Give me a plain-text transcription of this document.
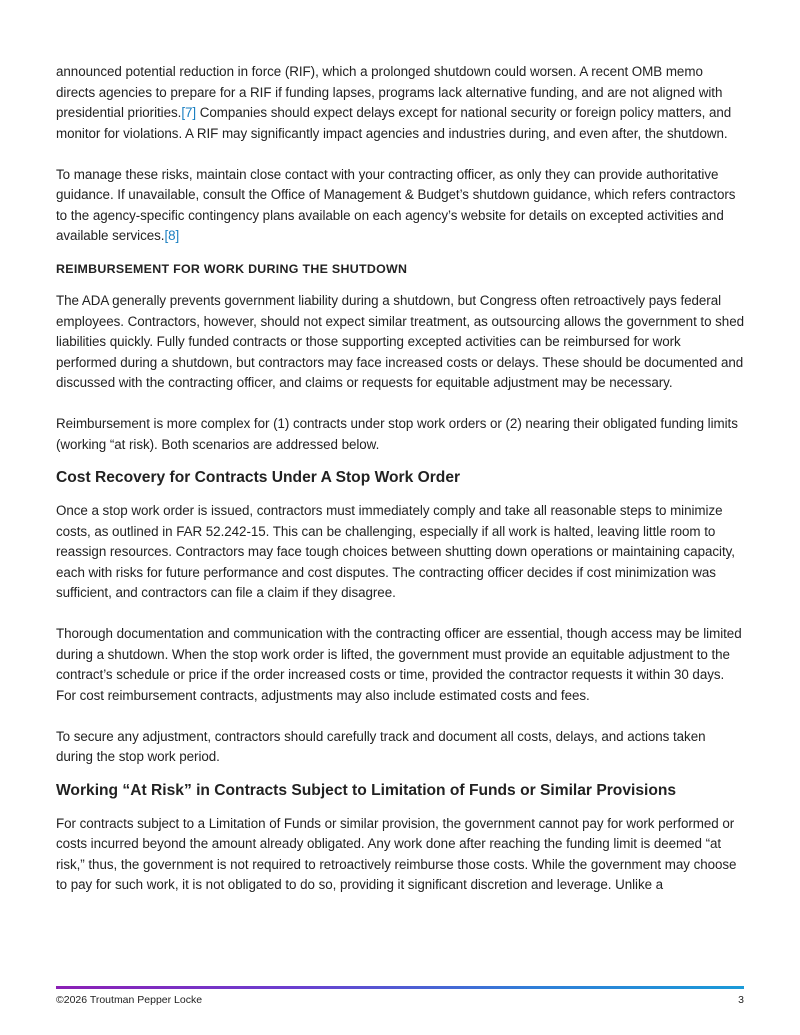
announced potential reduction in force (RIF), which a prolonged shutdown could worsen. A recent OMB memo directs agencies to prepare for a RIF if funding lapses, programs lack alternative funding, and are not aligned with presidential priorities.[7] Companies should expect delays except for national security or foreign policy matters, and monitor for violations. A RIF may significantly impact agencies and industries during, and even after, the shutdown.

To manage these risks, maintain close contact with your contracting officer, as only they can provide authoritative guidance. If unavailable, consult the Office of Management & Budget’s shutdown guidance, which refers contractors to the agency-specific contingency plans available on each agency’s website for details on excepted activities and available services.[8]

REIMBURSEMENT FOR WORK DURING THE SHUTDOWN

The ADA generally prevents government liability during a shutdown, but Congress often retroactively pays federal employees. Contractors, however, should not expect similar treatment, as outsourcing allows the government to shed liabilities quickly. Fully funded contracts or those supporting excepted activities can be reimbursed for work performed during a shutdown, but contractors may face increased costs or delays. These should be documented and discussed with the contracting officer, and claims or requests for equitable adjustment may be necessary.

Reimbursement is more complex for (1) contracts under stop work orders or (2) nearing their obligated funding limits (working “at risk). Both scenarios are addressed below.

Cost Recovery for Contracts Under A Stop Work Order

Once a stop work order is issued, contractors must immediately comply and take all reasonable steps to minimize costs, as outlined in FAR 52.242-15. This can be challenging, especially if all work is halted, leaving little room to reassign resources. Contractors may face tough choices between shutting down operations or maintaining capacity, each with risks for future performance and cost disputes. The contracting officer decides if cost minimization was sufficient, and contractors can file a claim if they disagree.

Thorough documentation and communication with the contracting officer are essential, though access may be limited during a shutdown. When the stop work order is lifted, the government must provide an equitable adjustment to the contract’s schedule or price if the order increased costs or time, provided the contractor requests it within 30 days. For cost reimbursement contracts, adjustments may also include estimated costs and fees.

To secure any adjustment, contractors should carefully track and document all costs, delays, and actions taken during the stop work period.

Working “At Risk” in Contracts Subject to Limitation of Funds or Similar Provisions

For contracts subject to a Limitation of Funds or similar provision, the government cannot pay for work performed or costs incurred beyond the amount already obligated. Any work done after reaching the funding limit is deemed “at risk,” thus, the government is not required to retroactively reimburse those costs. While the government may choose to pay for such work, it is not obligated to do so, providing it significant discretion and leverage. Unlike a

©2026 Troutman Pepper Locke	3
